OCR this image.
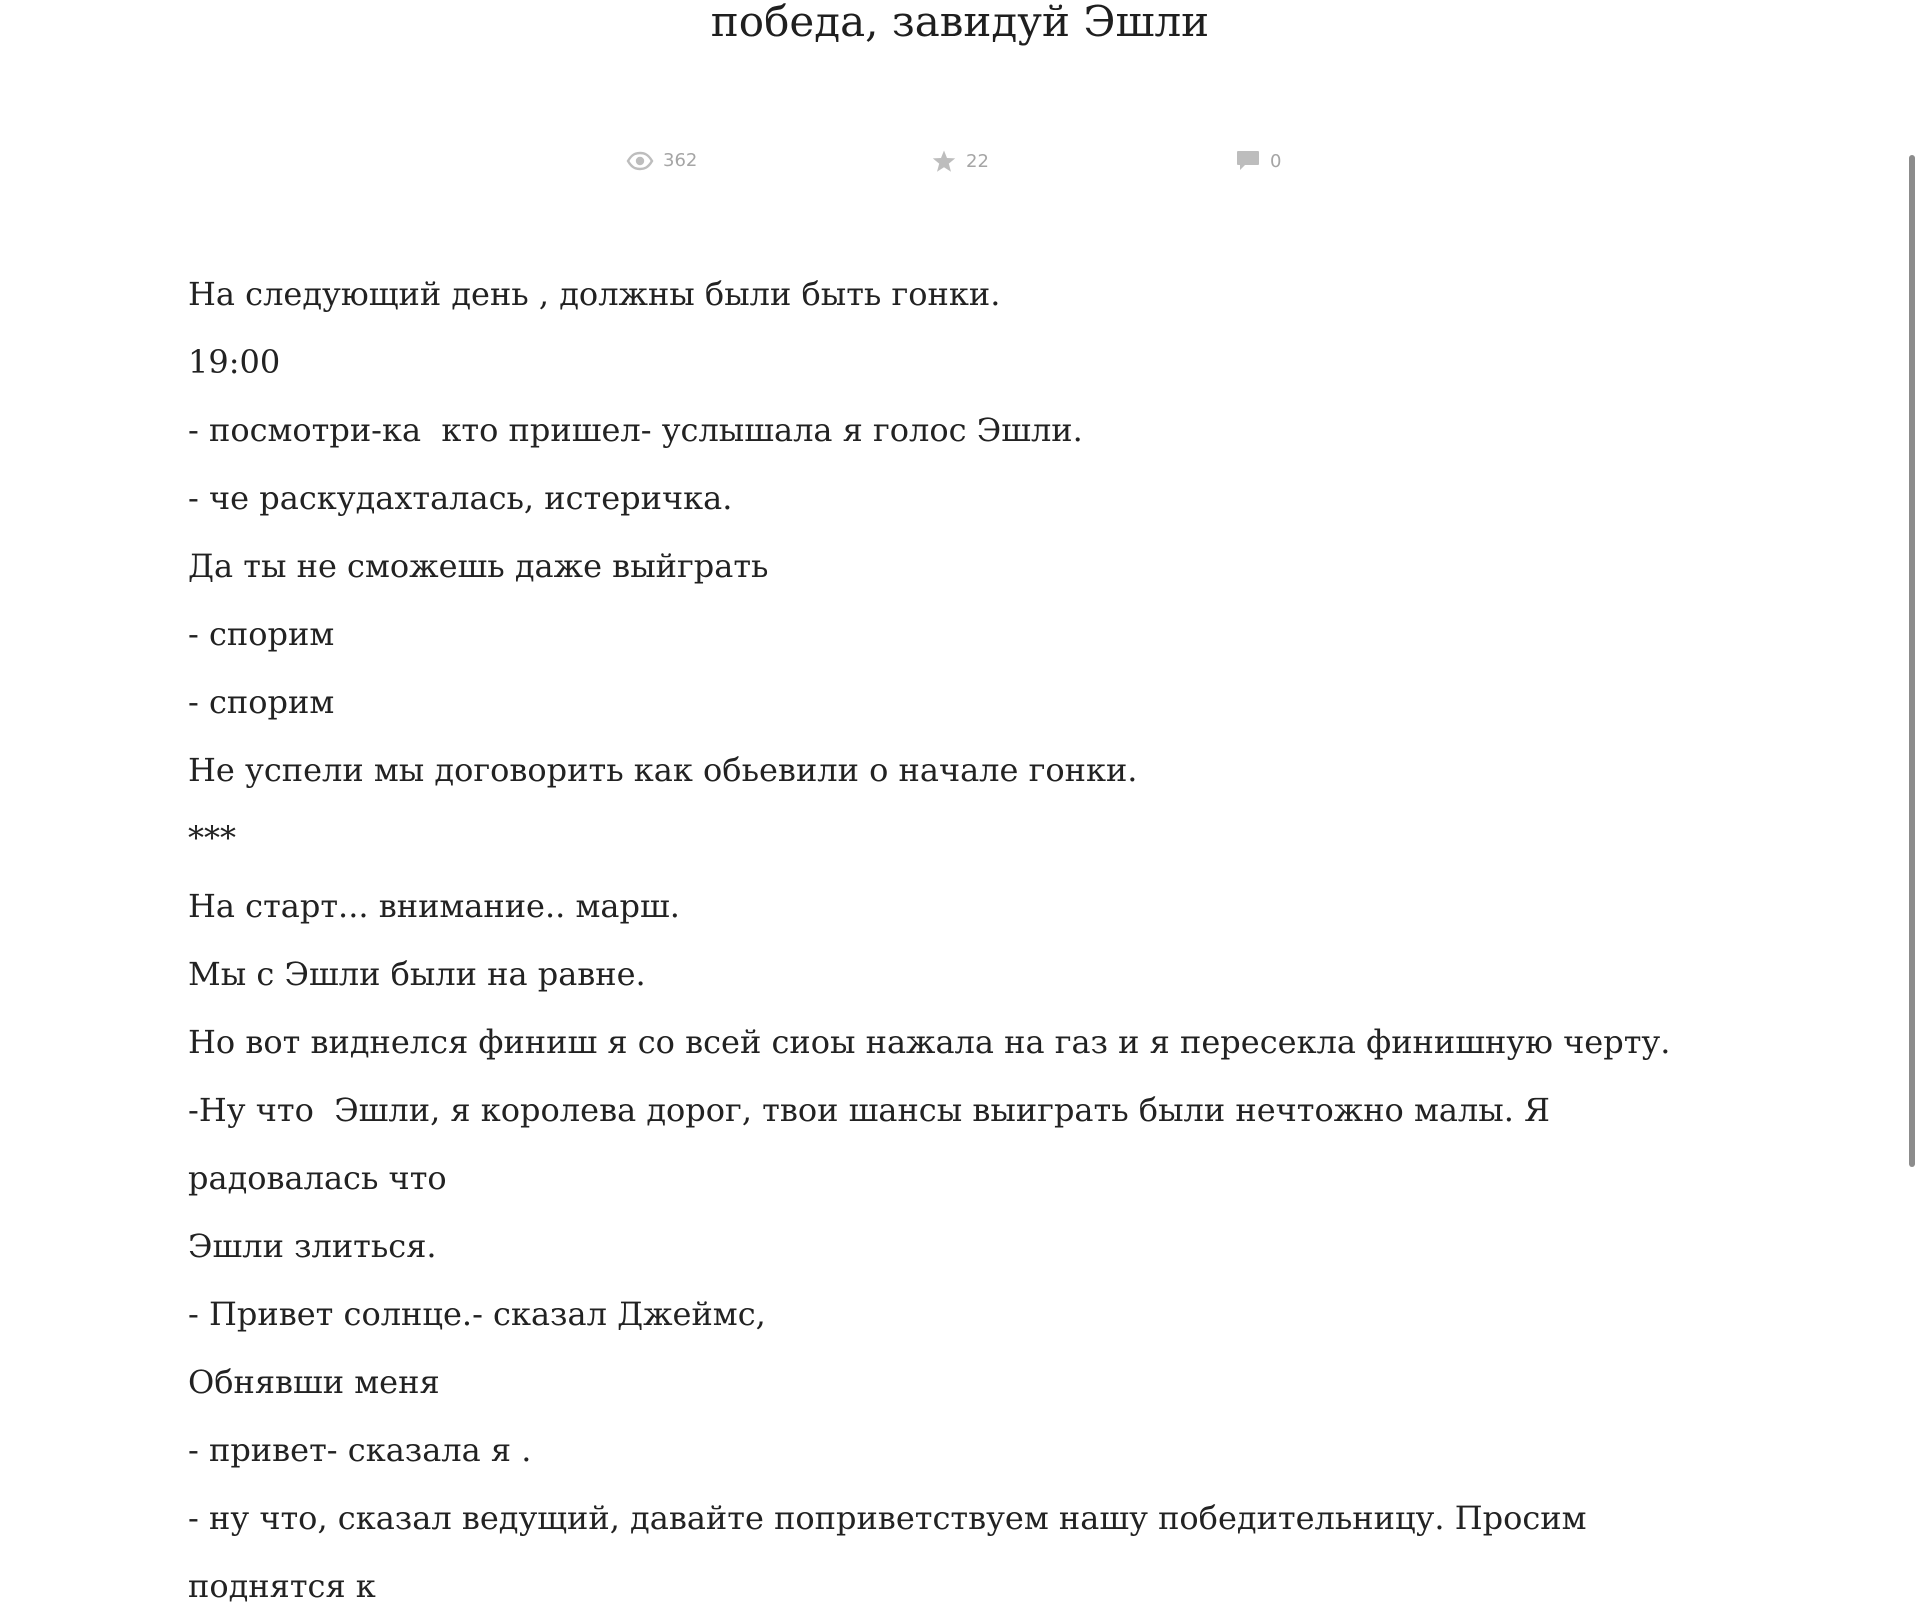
победа, завидуй Эшли
362	22	0

На следующий день , должны были быть гонки.

19:00

- посмотри-ка  кто пришел- услышала я голос Эшли.

- че раскудахталась, истеричка.

Да ты не сможешь даже выйграть

- спорим

- спорим

Не успели мы договорить как обьевили о начале гонки.

***

На старт... внимание.. марш.

Мы с Эшли были на равне.

Но вот виднелся финиш я со всей сиоы нажала на газ и я пересекла финишную черту.

-Ну что  Эшли, я королева дорог, твои шансы выиграть были нечтожно малы. Я радовалась что

Эшли злиться.

- Привет солнце.- сказал Джеймс,

Обнявши меня

- привет- сказала я .

- ну что, сказал ведущий, давайте поприветствуем нашу победительницу. Просим поднятся к
